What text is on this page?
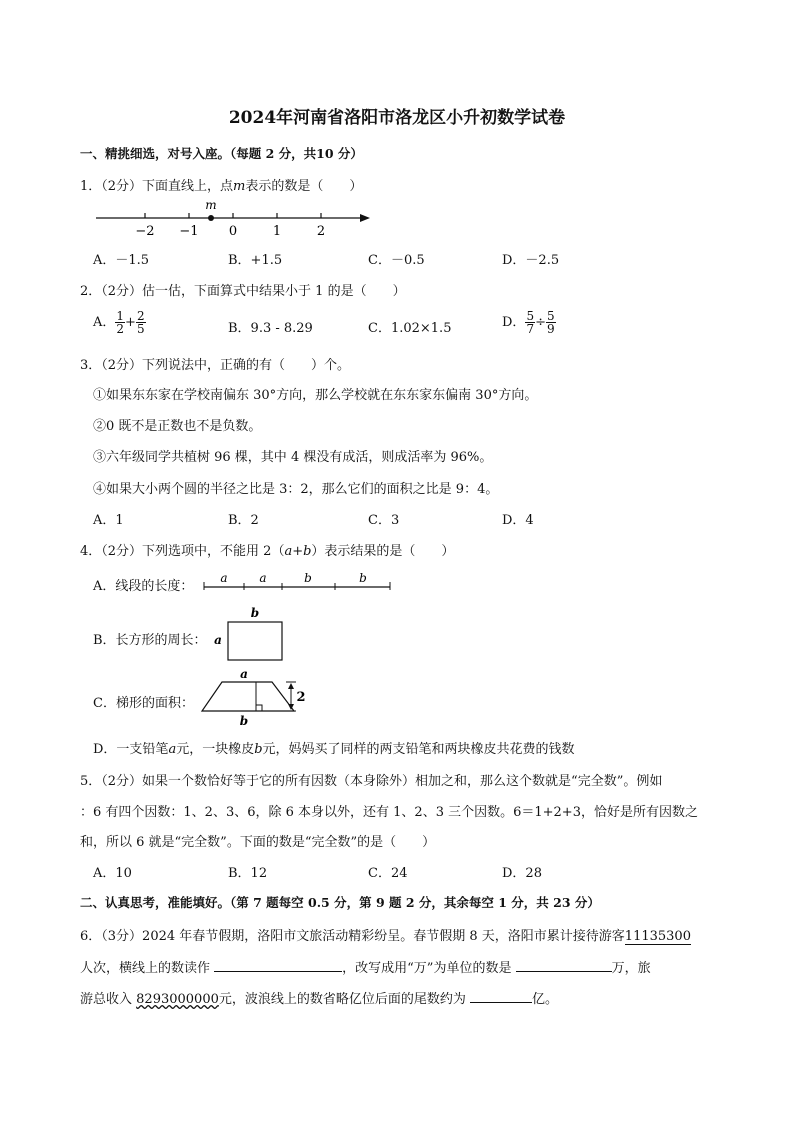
2024年河南省洛阳市洛龙区小升初数学试卷
一、精挑细选，对号入座。（每题 2 分，共10 分）
1．（2分）下面直线上，点m表示的数是（　　）
−2 −1 0	1	2
m
A．－1.5	B．+1.5	C．－0.5	D．－2.5
2．（2分）估一估，下面算式中结果小于 1 的是（　　）
A． $\frac{1}{2} + \frac{2}{5}$	B．9.3 - 8.29	C．1.02×1.5	D． $\frac{5}{7} \div \frac{5}{9}$
3．（2分）下列说法中，正确的有（　　）个。
①如果东东家在学校南偏东 30°方向，那么学校就在东东家东偏南 30°方向。
②0 既不是正数也不是负数。
③六年级同学共植树 96 棵，其中 4 棵没有成活，则成活率为 96%。
④如果大小两个圆的半径之比是 3：2，那么它们的面积之比是 9：4。
A．1	B．2	C．3	D．4
4．（2分）下列选项中，不能用 2（a+b）表示结果的是（　　）
A．线段的长度：
a	a	b	b
B．长方形的周长：
b
a
C．梯形的面积：
a
b
2
D．一支铅笔a元，一块橡皮b元，妈妈买了同样的两支铅笔和两块橡皮共花费的钱数
5．（2分）如果一个数恰好等于它的所有因数（本身除外）相加之和，那么这个数就是“完全数”。例如
：6 有四个因数：1、2、3、6，除 6 本身以外，还有 1、2、3 三个因数。6＝1+2+3，恰好是所有因数之
和，所以 6 就是“完全数”。下面的数是“完全数”的是（　　）
A．10	B．12	C．24	D．28
二、认真思考，准能填好。（第 7 题每空 0.5 分，第 9 题 2 分，其余每空 1 分，共 23 分）
6．（3分）2024 年春节假期，洛阳市文旅活动精彩纷呈。春节假期 8 天，洛阳市累计接待游客11135300
人次，横线上的数读作	，改写成用“万”为单位的数是	万，旅
游总收入 8293000000元，波浪线上的数省略亿位后面的尾数约为	亿。
